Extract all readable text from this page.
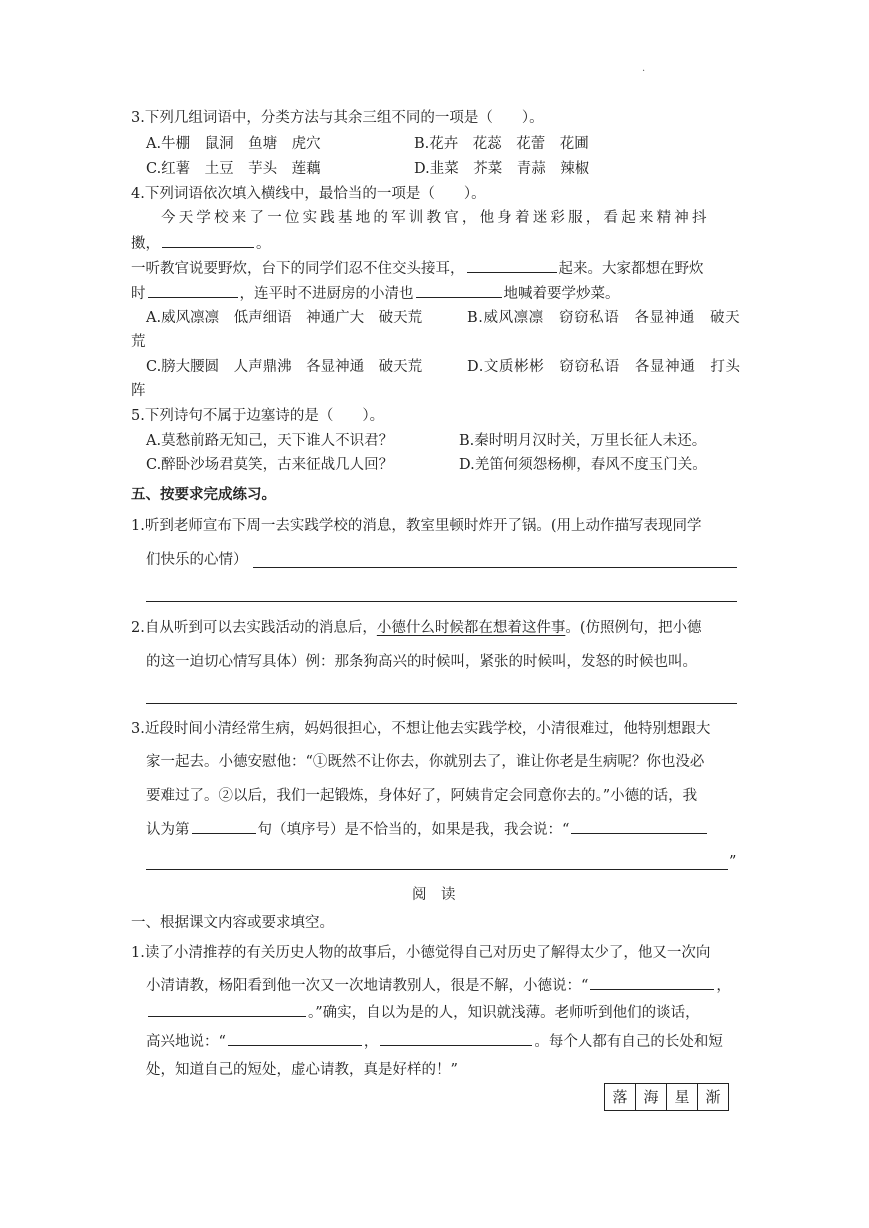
·
3.下列几组词语中，分类方法与其余三组不同的一项是（　　）。
A.牛棚　鼠洞　鱼塘　虎穴	B.花卉　花蕊　花蕾　花圃
C.红薯　土豆　芋头　莲藕	D.韭菜　芥菜　青蒜　辣椒
4.下列词语依次填入横线中，最恰当的一项是（　　）。
今天学校来了一位实践基地的军训教官，他身着迷彩服，看起来精神抖
擞，	。
一听教官说要野炊，台下的同学们忍不住交头接耳，	起来。大家都想在野炊
时	，连平时不进厨房的小清也	地喊着要学炒菜。
A.威风凛凛　低声细语　神通广大　破天荒	B.威风凛凛　窃窃私语　各显神通　破天
荒
C.膀大腰圆　人声鼎沸　各显神通　破天荒	D.文质彬彬　窃窃私语　各显神通　打头
阵
5.下列诗句不属于边塞诗的是（　　）。
A.莫愁前路无知己，天下谁人不识君？	B.秦时明月汉时关，万里长征人未还。
C.醉卧沙场君莫笑，古来征战几人回？	D.羌笛何须怨杨柳，春风不度玉门关。
五、按要求完成练习。
1.听到老师宣布下周一去实践学校的消息，教室里顿时炸开了锅。(用上动作描写表现同学
们快乐的心情）
2.自从听到可以去实践活动的消息后，小德什么时候都在想着这件事。(仿照例句，把小德
的这一迫切心情写具体）例：那条狗高兴的时候叫，紧张的时候叫，发怒的时候也叫。
3.近段时间小清经常生病，妈妈很担心，不想让他去实践学校，小清很难过，他特别想跟大
家一起去。小德安慰他：“①既然不让你去，你就别去了，谁让你老是生病呢？你也没必
要难过了。②以后，我们一起锻炼，身体好了，阿姨肯定会同意你去的。”小德的话，我
认为第	句（填序号）是不恰当的，如果是我，我会说：“
”
阅　读
一、根据课文内容或要求填空。
1.读了小清推荐的有关历史人物的故事后，小德觉得自己对历史了解得太少了，他又一次向
小清请教，杨阳看到他一次又一次地请教别人，很是不解，小德说：“	，
。”确实，自以为是的人，知识就浅薄。老师听到他们的谈话，
高兴地说：“	，	。每个人都有自己的长处和短
处，知道自己的短处，虚心请教，真是好样的！”
落	海	星	渐
